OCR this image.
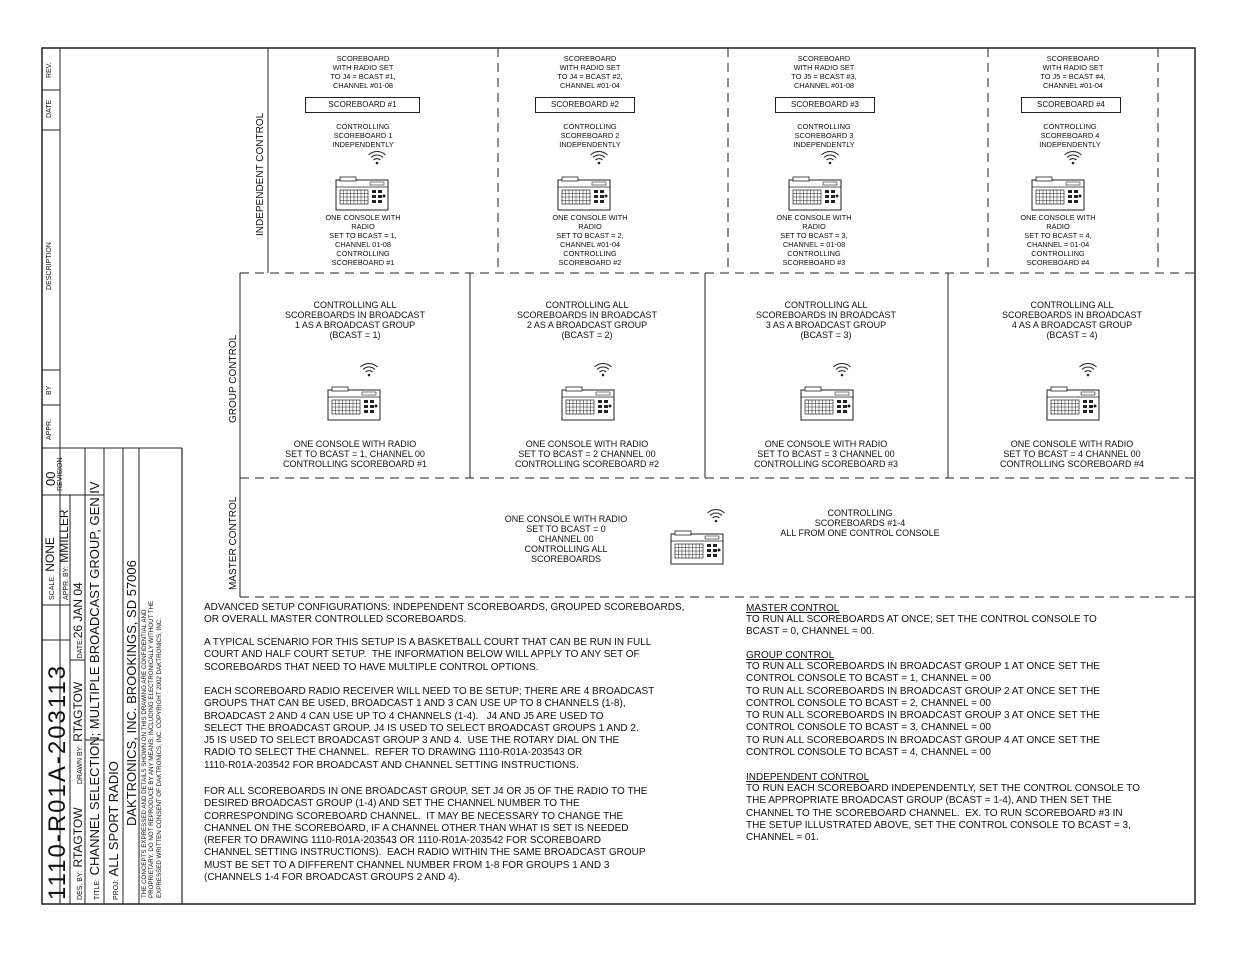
REV.
DATE
DESCRIPTION
BY
APPR.
THE CONCEPTS EXPRESSED AND DETAILS SHOWN ON THIS DRAWING ARE CONFIDENTIAL AND PROPRIETARY. DO NOT REPRODUCE BY ANY MEANS, INCLUDING ELECTRONICALLY WITHOUT THE EXPRESSED WRITTEN CONSENT OF DAKTRONICS, INC. COPYRIGHT 2002 DAKTRONICS, INC.
DAKTRONICS, INC. BROOKINGS, SD 57006
PROJ: ALL SPORT RADIO
TITLE: CHANNEL SELECTION; MULTIPLE BROADCAST GROUP, GEN IV
DES. BY: RTAGTOW       DRAWN BY: RTAGTOW       DATE:26 JAN 04
REVISION
00
APPR. BY: MMILLER
SCALE: NONE
1110-R01A-203113
INDEPENDENT CONTROL
GROUP CONTROL
MASTER CONTROL
SCOREBOARD
WITH RADIO SET
TO J4 = BCAST #1,
CHANNEL #01-08
SCOREBOARD #1
CONTROLLING
SCOREBOARD 1
INDEPENDENTLY
ONE CONSOLE WITH
RADIO
SET TO BCAST = 1,
CHANNEL 01-08
CONTROLLING
SCOREBOARD #1
SCOREBOARD
WITH RADIO SET
TO J4 = BCAST #2,
CHANNEL #01-04
SCOREBOARD #2
CONTROLLING
SCOREBOARD 2
INDEPENDENTLY
ONE CONSOLE WITH
RADIO
SET TO BCAST = 2,
CHANNEL #01-04
CONTROLLING
SCOREBOARD #2
SCOREBOARD
WITH RADIO SET
TO J5 = BCAST #3,
CHANNEL #01-08
SCOREBOARD #3
CONTROLLING
SCOREBOARD 3
INDEPENDENTLY
ONE CONSOLE WITH
RADIO
SET TO BCAST = 3,
CHANNEL = 01-08
CONTROLLING
SCOREBOARD #3
SCOREBOARD
WITH RADIO SET
TO J5 = BCAST #4,
CHANNEL #01-04
SCOREBOARD #4
CONTROLLING
SCOREBOARD 4
INDEPENDENTLY
ONE CONSOLE WITH
RADIO
SET TO BCAST = 4,
CHANNEL = 01-04
CONTROLLING
SCOREBOARD #4
CONTROLLING ALL
SCOREBOARDS IN BROADCAST
1 AS A BROADCAST GROUP
(BCAST = 1)
ONE CONSOLE WITH RADIO
SET TO BCAST = 1, CHANNEL 00
CONTROLLING SCOREBOARD #1
CONTROLLING ALL
SCOREBOARDS IN BROADCAST
2 AS A BROADCAST GROUP
(BCAST = 2)
ONE CONSOLE WITH RADIO
SET TO BCAST = 2 CHANNEL 00
CONTROLLING SCOREBOARD #2
CONTROLLING ALL
SCOREBOARDS IN BROADCAST
3 AS A BROADCAST GROUP
(BCAST = 3)
ONE CONSOLE WITH RADIO
SET TO BCAST = 3 CHANNEL 00
CONTROLLING SCOREBOARD #3
CONTROLLING ALL
SCOREBOARDS IN BROADCAST
4 AS A BROADCAST GROUP
(BCAST = 4)
ONE CONSOLE WITH RADIO
SET TO BCAST = 4 CHANNEL 00
CONTROLLING SCOREBOARD #4
ONE CONSOLE WITH RADIO
SET TO BCAST = 0
CHANNEL 00
CONTROLLING ALL
SCOREBOARDS
CONTROLLING
SCOREBOARDS #1-4
ALL FROM ONE CONTROL CONSOLE
ADVANCED SETUP CONFIGURATIONS: INDEPENDENT SCOREBOARDS, GROUPED SCOREBOARDS,
OR OVERALL MASTER CONTROLLED SCOREBOARDS.
A TYPICAL SCENARIO FOR THIS SETUP IS A BASKETBALL COURT THAT CAN BE RUN IN FULL
COURT AND HALF COURT SETUP.  THE INFORMATION BELOW WILL APPLY TO ANY SET OF
SCOREBOARDS THAT NEED TO HAVE MULTIPLE CONTROL OPTIONS.
EACH SCOREBOARD RADIO RECEIVER WILL NEED TO BE SETUP; THERE ARE 4 BROADCAST
GROUPS THAT CAN BE USED, BROADCAST 1 AND 3 CAN USE UP TO 8 CHANNELS (1-8),
BROADCAST 2 AND 4 CAN USE UP TO 4 CHANNELS (1-4).   J4 AND J5 ARE USED TO
SELECT THE BROADCAST GROUP. J4 IS USED TO SELECT BROADCAST GROUPS 1 AND 2.
J5 IS USED TO SELECT BROADCAST GROUP 3 AND 4.  USE THE ROTARY DIAL ON THE
RADIO TO SELECT THE CHANNEL.  REFER TO DRAWING 1110-R01A-203543 OR
1110-R01A-203542 FOR BROADCAST AND CHANNEL SETTING INSTRUCTIONS.
FOR ALL SCOREBOARDS IN ONE BROADCAST GROUP, SET J4 OR J5 OF THE RADIO TO THE
DESIRED BROADCAST GROUP (1-4) AND SET THE CHANNEL NUMBER TO THE
CORRESPONDING SCOREBOARD CHANNEL.  IT MAY BE NECESSARY TO CHANGE THE
CHANNEL ON THE SCOREBOARD, IF A CHANNEL OTHER THAN WHAT IS SET IS NEEDED
(REFER TO DRAWING 1110-R01A-203543 OR 1110-R01A-203542 FOR SCOREBOARD
CHANNEL SETTING INSTRUCTIONS).  EACH RADIO WITHIN THE SAME BROADCAST GROUP
MUST BE SET TO A DIFFERENT CHANNEL NUMBER FROM 1-8 FOR GROUPS 1 AND 3
(CHANNELS 1-4 FOR BROADCAST GROUPS 2 AND 4).
MASTER CONTROL
TO RUN ALL SCOREBOARDS AT ONCE; SET THE CONTROL CONSOLE TO
BCAST = 0, CHANNEL = 00.
GROUP CONTROL
TO RUN ALL SCOREBOARDS IN BROADCAST GROUP 1 AT ONCE SET THE
CONTROL CONSOLE TO BCAST = 1, CHANNEL = 00
TO RUN ALL SCOREBOARDS IN BROADCAST GROUP 2 AT ONCE SET THE
CONTROL CONSOLE TO BCAST = 2, CHANNEL = 00
TO RUN ALL SCOREBOARDS IN BROADCAST GROUP 3 AT ONCE SET THE
CONTROL CONSOLE TO BCAST = 3, CHANNEL = 00
TO RUN ALL SCOREBOARDS IN BROADCAST GROUP 4 AT ONCE SET THE
CONTROL CONSOLE TO BCAST = 4, CHANNEL = 00
INDEPENDENT CONTROL
TO RUN EACH SCOREBOARD INDEPENDENTLY, SET THE CONTROL CONSOLE TO
THE APPROPRIATE BROADCAST GROUP (BCAST = 1-4), AND THEN SET THE
CHANNEL TO THE SCOREBOARD CHANNEL.  EX. TO RUN SCOREBOARD #3 IN
THE SETUP ILLUSTRATED ABOVE, SET THE CONTROL CONSOLE TO BCAST = 3,
CHANNEL = 01.
